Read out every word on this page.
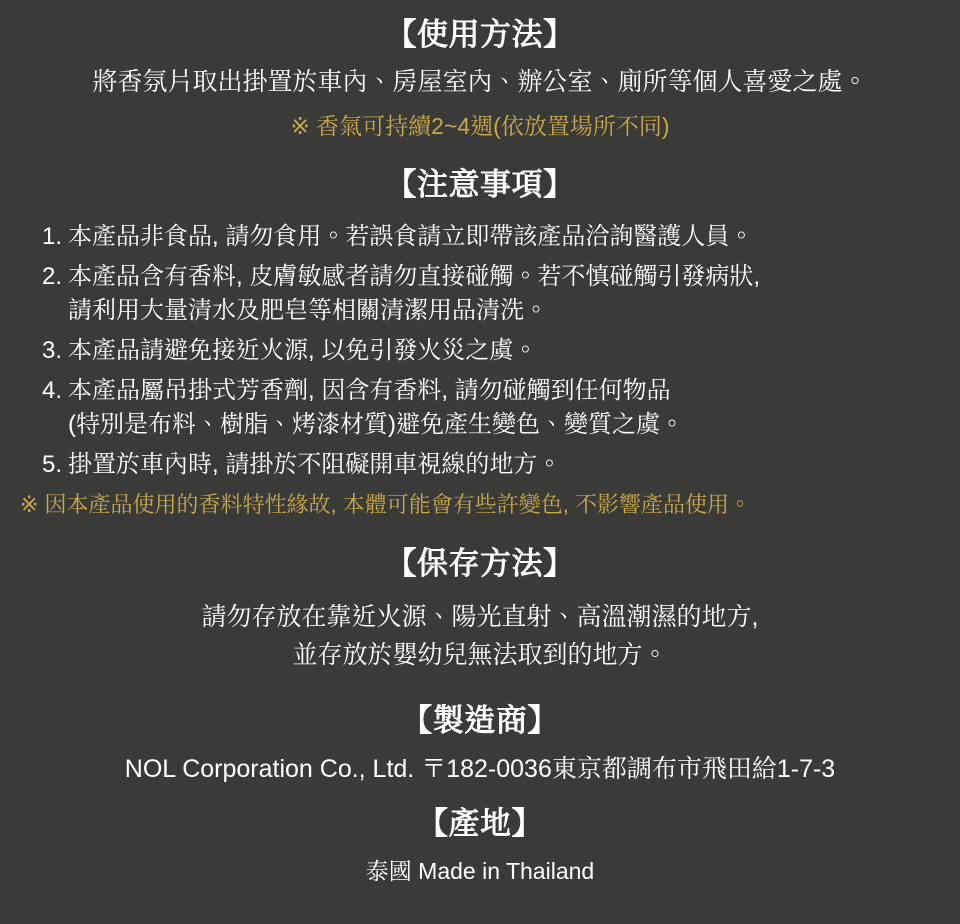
【使用方法】

將香氛片取出掛置於車內、房屋室內、辦公室、廁所等個人喜愛之處。

※ 香氣可持續2~4週(依放置場所不同)

【注意事項】
1. 本產品非食品, 請勿食用。若誤食請立即帶該產品洽詢醫護人員。
2. 本產品含有香料, 皮膚敏感者請勿直接碰觸。若不慎碰觸引發病狀,
請利用大量清水及肥皂等相關清潔用品清洗。
3. 本產品請避免接近火源, 以免引發火災之虞。
4. 本產品屬吊掛式芳香劑, 因含有香料, 請勿碰觸到任何物品
(特別是布料、樹脂、烤漆材質)避免產生變色、變質之虞。
5. 掛置於車內時, 請掛於不阻礙開車視線的地方。

※ 因本產品使用的香料特性緣故, 本體可能會有些許變色, 不影響產品使用。

【保存方法】

請勿存放在靠近火源、陽光直射、高溫潮濕的地方,

並存放於嬰幼兒無法取到的地方。

【製造商】

NOL Corporation Co., Ltd. 〒182-0036東京都調布市飛田給1-7-3

【產地】

泰國 Made in Thailand
